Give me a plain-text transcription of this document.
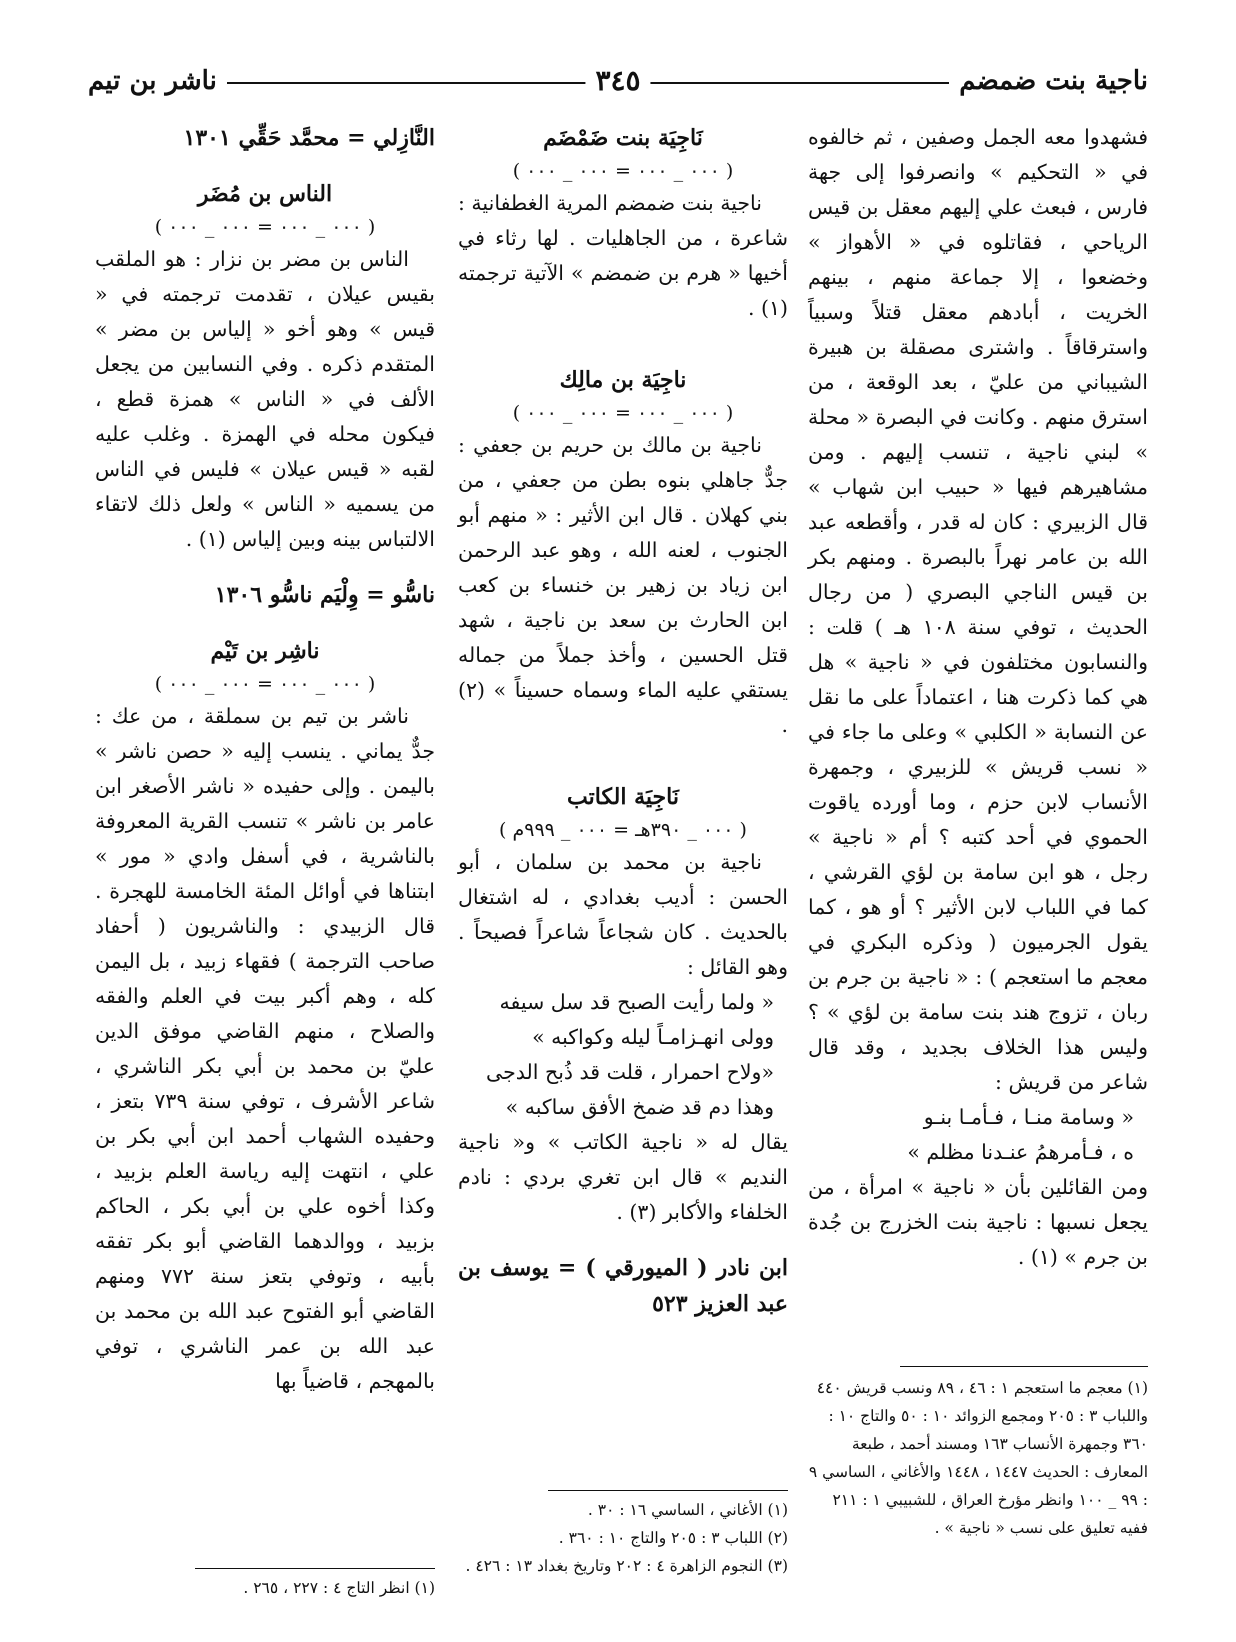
ناجية بنت ضمضم
٣٤٥
ناشر بن تيم

فشهدوا معه الجمل وصفين ، ثم خالفوه في « التحكيم » وانصرفوا إلى جهة فارس ، فبعث علي إليهم معقل بن قيس الرياحي ، فقاتلوه في « الأهواز » وخضعوا ، إلا جماعة منهم ، بينهم الخريت ، أبادهم معقل قتلاً وسبياً واسترقاقاً . واشترى مصقلة بن هبيرة الشيباني من عليّ ، بعد الوقعة ، من استرق منهم . وكانت في البصرة « محلة » لبني ناجية ، تنسب إليهم . ومن مشاهيرهم فيها « حبيب ابن شهاب » قال الزبيري : كان له قدر ، وأقطعه عبد الله بن عامر نهراً بالبصرة . ومنهم بكر بن قيس الناجي البصري ( من رجال الحديث ، توفي سنة ١٠٨ هـ ) قلت : والنسابون مختلفون في « ناجية » هل هي كما ذكرت هنا ، اعتماداً على ما نقل عن النسابة « الكلبي » وعلى ما جاء في « نسب قريش » للزبيري ، وجمهرة الأنساب لابن حزم ، وما أورده ياقوت الحموي في أحد كتبه ؟ أم « ناجية » رجل ، هو ابن سامة بن لؤي القرشي ، كما في اللباب لابن الأثير ؟ أو هو ، كما يقول الجرميون ( وذكره البكري في معجم ما استعجم ) : « ناجية بن جرم بن ربان ، تزوج هند بنت سامة بن لؤي » ؟ وليس هذا الخلاف بجديد ، وقد قال شاعر من قريش :

« وسامة منـا ، فـأمـا بنـو

ه ، فـأمرهمُ عنـدنا مظلم »

ومن القائلين بأن « ناجية » امرأة ، من يجعل نسبها : ناجية بنت الخزرج بن جُدة بن جرم » (١) .

نَاجِيَة بنت ضَمْضَم

( ٠٠٠ _ ٠٠٠ = ٠٠٠ _ ٠٠٠ )

ناجية بنت ضمضم المرية الغطفانية : شاعرة ، من الجاهليات . لها رثاء في أخيها « هرم بن ضمضم » الآتية ترجمته (١) .

ناجِيَة بن مالِك

( ٠٠٠ _ ٠٠٠ = ٠٠٠ _ ٠٠٠ )

ناجية بن مالك بن حريم بن جعفي : جدٌّ جاهلي بنوه بطن من جعفي ، من بني كهلان . قال ابن الأثير : « منهم أبو الجنوب ، لعنه الله ، وهو عبد الرحمن ابن زياد بن زهير بن خنساء بن كعب ابن الحارث بن سعد بن ناجية ، شهد قتل الحسين ، وأخذ جملاً من جماله يستقي عليه الماء وسماه حسيناً » (٢) .

نَاجِيَة الكاتب

( ٠٠٠ _ ٣٩٠هـ = ٠٠٠ _ ٩٩٩م )

ناجية بن محمد بن سلمان ، أبو الحسن : أديب بغدادي ، له اشتغال بالحديث . كان شجاعاً شاعراً فصيحاً . وهو القائل :

« ولما رأيت الصبح قد سل سيفه

وولى انهـزامـاً ليله وكواكبه »

«ولاح احمرار ، قلت قد ذُبح الدجى

وهذا دم قد ضمخ الأفق ساكبه »

يقال له « ناجية الكاتب » و« ناجية النديم » قال ابن تغري بردي : نادم الخلفاء والأكابر (٣) .

ابن نادر ( الميورقي ) = يوسف بن عبد العزيز ٥٢٣

النَّازِلي = محمَّد حَقِّي ١٣٠١

الناس بن مُضَر

( ٠٠٠ _ ٠٠٠ = ٠٠٠ _ ٠٠٠ )

الناس بن مضر بن نزار : هو الملقب بقيس عيلان ، تقدمت ترجمته في « قيس » وهو أخو « إلياس بن مضر » المتقدم ذكره . وفي النسابين من يجعل الألف في « الناس » همزة قطع ، فيكون محله في الهمزة . وغلب عليه لقبه « قيس عيلان » فليس في الناس من يسميه « الناس » ولعل ذلك لاتقاء الالتباس بينه وبين إلياس (١) .

ناسُّو = وِلْيَم ناسُّو ١٣٠٦

ناشِر بن تَيْم

( ٠٠٠ _ ٠٠٠ = ٠٠٠ _ ٠٠٠ )

ناشر بن تيم بن سملقة ، من عك : جدٌّ يماني . ينسب إليه « حصن ناشر » باليمن . وإلى حفيده « ناشر الأصغر ابن عامر بن ناشر » تنسب القرية المعروفة بالناشرية ، في أسفل وادي « مور » ابتناها في أوائل المئة الخامسة للهجرة . قال الزبيدي : والناشريون ( أحفاد صاحب الترجمة ) فقهاء زبيد ، بل اليمن كله ، وهم أكبر بيت في العلم والفقه والصلاح ، منهم القاضي موفق الدين عليّ بن محمد بن أبي بكر الناشري ، شاعر الأشرف ، توفي سنة ٧٣٩ بتعز ، وحفيده الشهاب أحمد ابن أبي بكر بن علي ، انتهت إليه رياسة العلم بزبيد ، وكذا أخوه علي بن أبي بكر ، الحاكم بزبيد ، ووالدهما القاضي أبو بكر تفقه بأبيه ، وتوفي بتعز سنة ٧٧٢ ومنهم القاضي أبو الفتوح عبد الله بن محمد بن عبد الله بن عمر الناشري ، توفي بالمهجم ، قاضياً بها	(١) معجم ما استعجم ١ : ٤٦ ، ٨٩ ونسب قريش ٤٤٠ واللباب ٣ : ٢٠٥ ومجمع الزوائد ١٠ : ٥٠ والتاج ١٠ : ٣٦٠ وجمهرة الأنساب ١٦٣ ومسند أحمد ، طبعة المعارف : الحديث ١٤٤٧ ، ١٤٤٨ والأغاني ، الساسي ٩ : ٩٩ _ ١٠٠ وانظر مؤرخ العراق ، للشبيبي ١ : ٢١١ ففيه تعليق على نسب « ناجية » .

(١) الأغاني ، الساسي ١٦ : ٣٠ .

(٢) اللباب ٣ : ٢٠٥ والتاج ١٠ : ٣٦٠ .

(٣) النجوم الزاهرة ٤ : ٢٠٢ وتاريخ بغداد ١٣ : ٤٢٦ .

(١) انظر التاج ٤ : ٢٢٧ ، ٢٦٥ .
